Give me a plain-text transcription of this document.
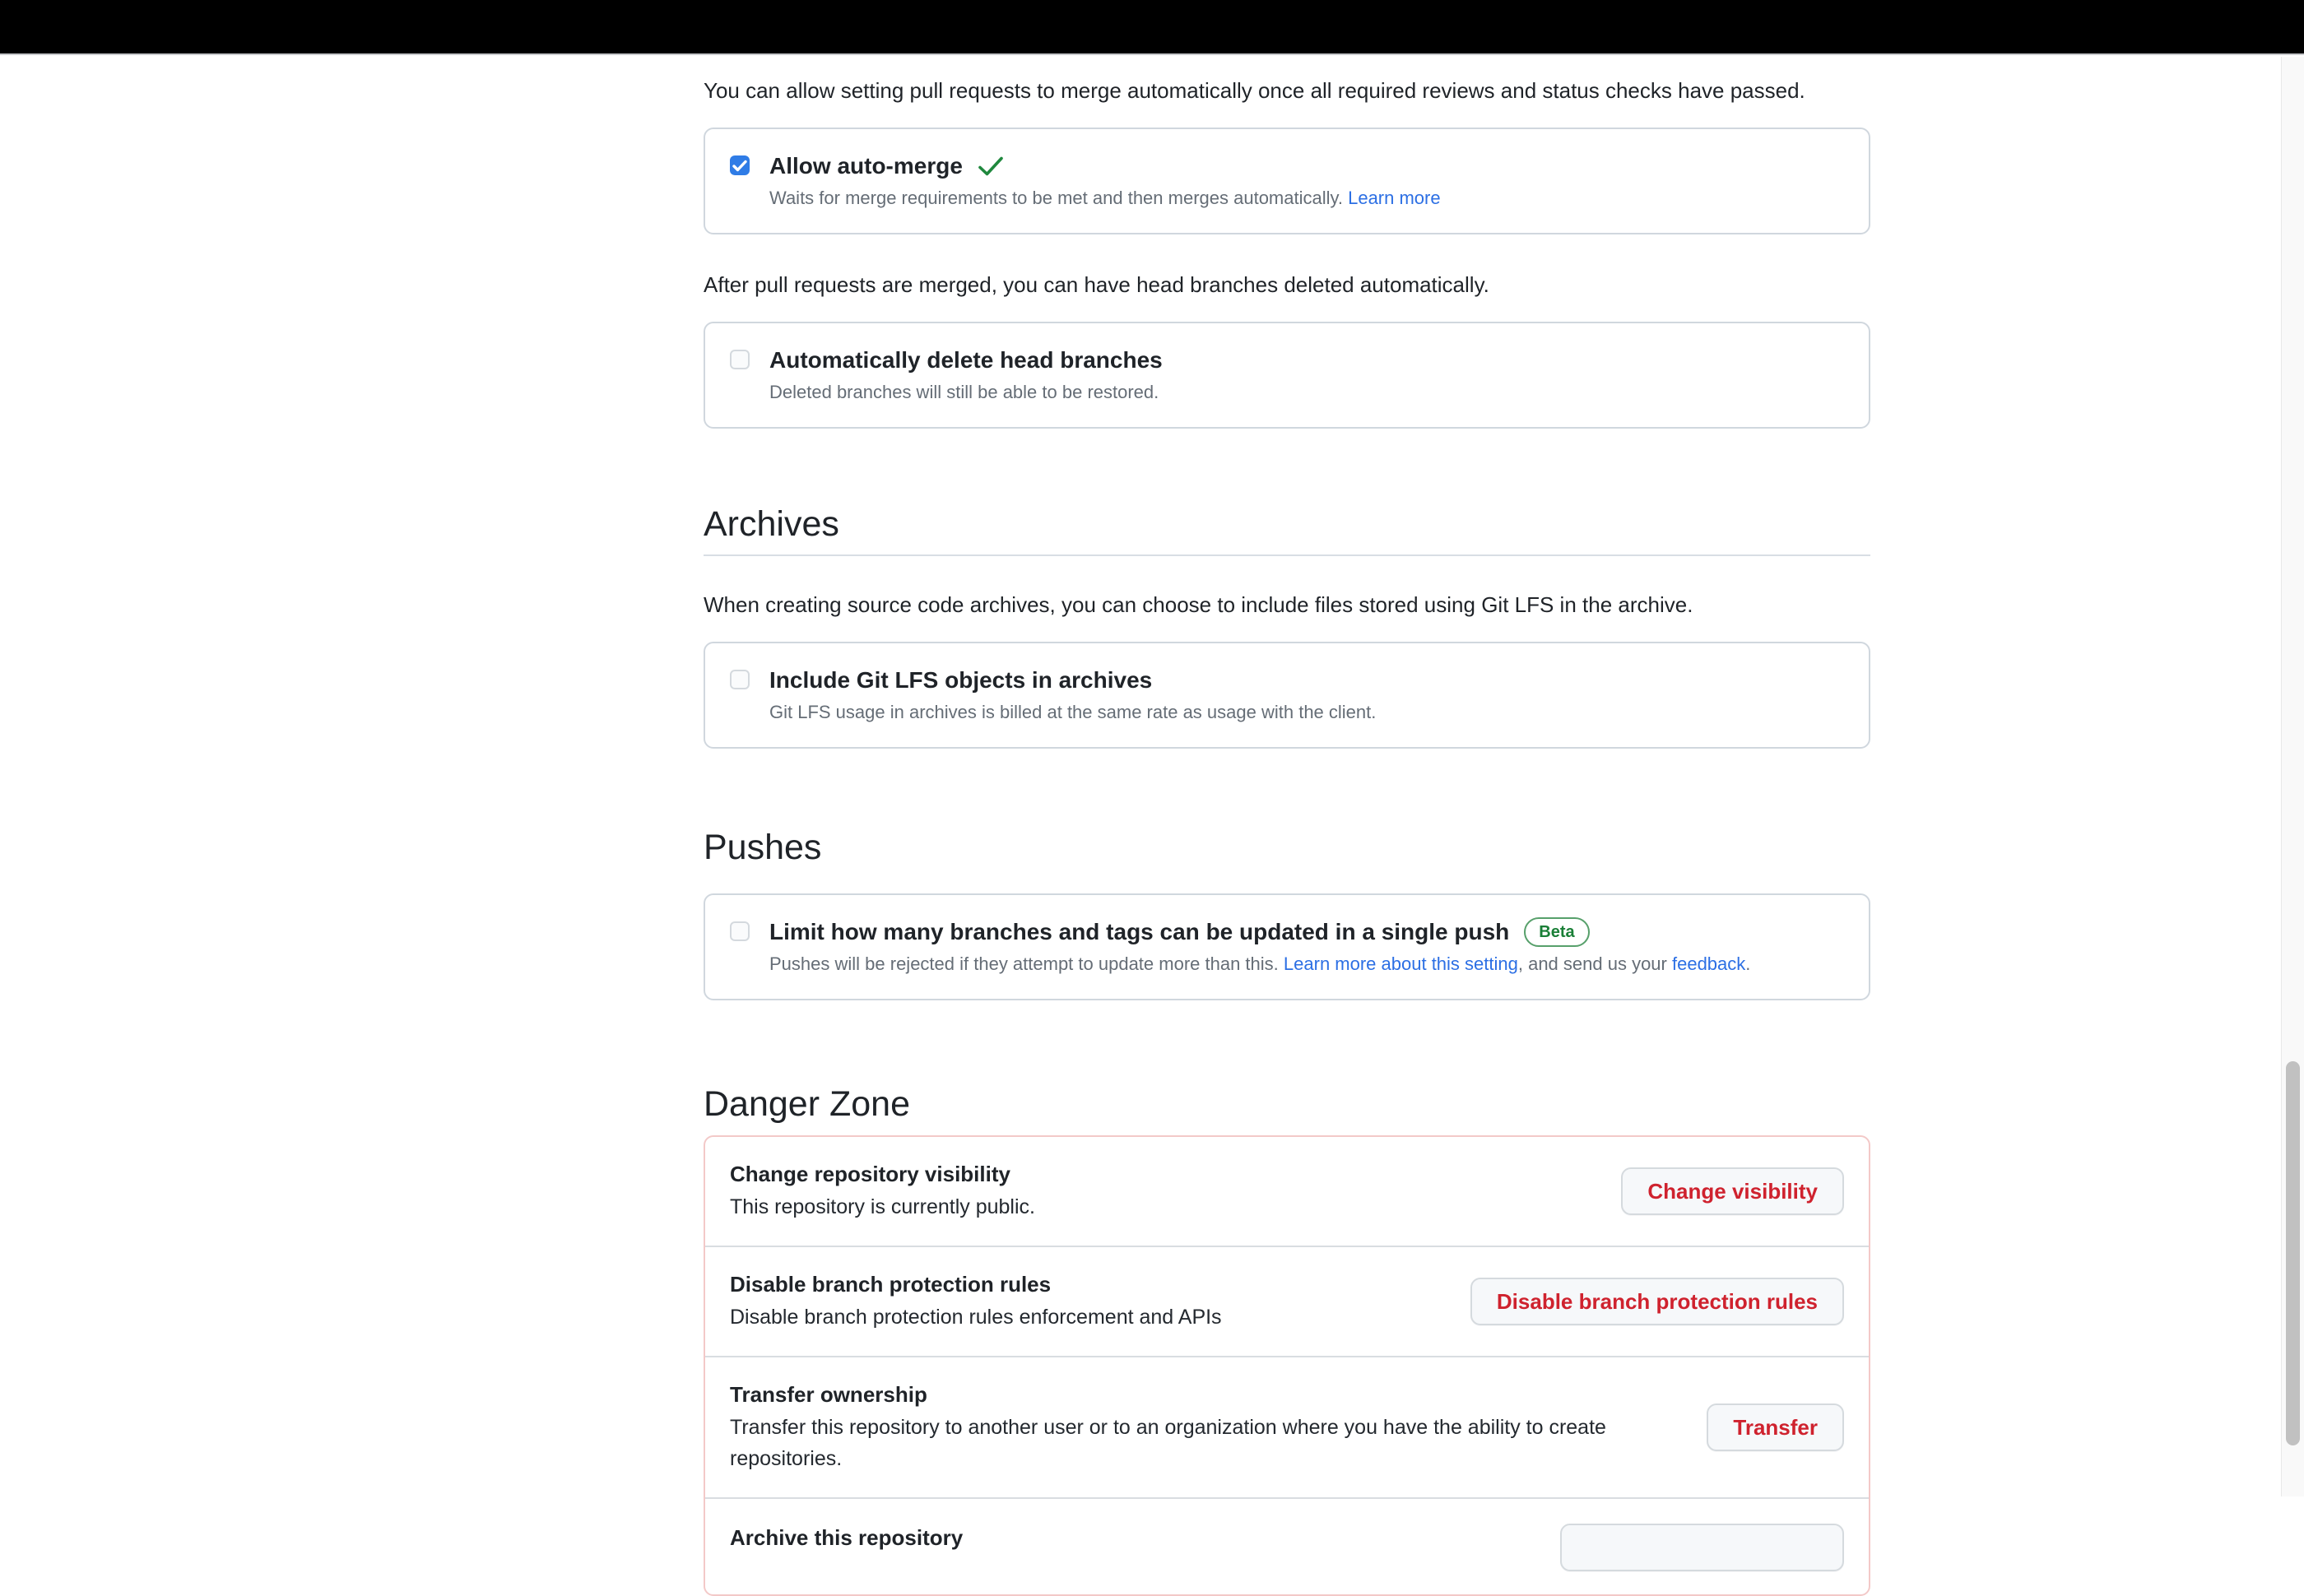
You can allow setting pull requests to merge automatically once all required reviews and status checks have passed.

Allow auto-merge
Waits for merge requirements to be met and then merges automatically. Learn more

After pull requests are merged, you can have head branches deleted automatically.

Automatically delete head branches
Deleted branches will still be able to be restored.
Archives

When creating source code archives, you can choose to include files stored using Git LFS in the archive.

Include Git LFS objects in archives
Git LFS usage in archives is billed at the same rate as usage with the client.
Pushes
Limit how many branches and tags can be updated in a single push	Beta
Pushes will be rejected if they attempt to update more than this. Learn more about this setting, and send us your feedback.
Danger Zone
Change repository visibility
This repository is currently public.
Change visibility
Disable branch protection rules
Disable branch protection rules enforcement and APIs
Disable branch protection rules
Transfer ownership
Transfer this repository to another user or to an organization where you have the ability to create repositories.
Transfer
Archive this repository
